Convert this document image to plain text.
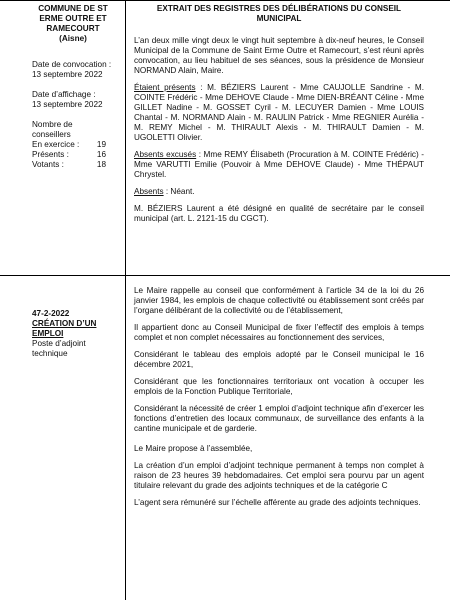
COMMUNE DE ST ERME OUTRE ET RAMECOURT (Aisne)
Date de convocation :
13 septembre 2022
Date d’affichage :
13 septembre 2022
Nombre de conseillers
En exercice :	19
Présents :	16
Votants :	18
47-2-2022
CRÉATION D’UN EMPLOI
Poste d’adjoint technique
EXTRAIT DES REGISTRES DES DÉLIBÉRATIONS DU CONSEIL MUNICIPAL

L’an deux mille vingt deux le vingt huit septembre à dix-neuf heures, le Conseil Municipal de la Commune de Saint Erme Outre et Ramecourt, s’est réuni après convocation, au lieu habituel de ses séances, sous la présidence de Monsieur NORMAND Alain, Maire.

Étaient présents : M. BÉZIERS Laurent - Mme CAUJOLLE Sandrine - M. COINTE Frédéric - Mme DEHOVE Claude - Mme DIEN-BRÉANT Céline - Mme GILLET Nadine - M. GOSSET Cyril - M. LECUYER Damien - Mme LOUIS Chantal - M. NORMAND Alain - M. RAULIN Patrick - Mme REGNIER Aurélia - M. REMY Michel - M. THIRAULT Alexis - M. THIRAULT Damien - M. UGOLETTI Olivier.

Absents excusés : Mme REMY Élisabeth (Procuration à M. COINTE Frédéric) - Mme VARUTTI Emilie (Pouvoir à Mme DEHOVE Claude) - Mme THÉPAUT Chrystel.

Absents : Néant.

M. BÉZIERS Laurent a été désigné en qualité de secrétaire par le conseil municipal (art. L. 2121-15 du CGCT).

Le Maire rappelle au conseil que conformément à l’article 34 de la loi du 26 janvier 1984, les emplois de chaque collectivité ou établissement sont créés par l’organe délibérant de la collectivité ou de l’établissement,

Il appartient donc au Conseil Municipal de fixer l’effectif des emplois à temps complet et non complet nécessaires au fonctionnement des services,

Considérant le tableau des emplois adopté par le Conseil municipal le 16 décembre 2021,

Considérant que les fonctionnaires territoriaux ont vocation à occuper les emplois de la Fonction Publique Territoriale,

Considérant la nécessité de créer 1 emploi d’adjoint technique afin d’exercer les fonctions d’entretien des locaux communaux, de surveillance des enfants à la cantine municipale et de garderie.

Le Maire propose à l’assemblée,

La création d’un emploi d’adjoint technique permanent à temps non complet à raison de 23 heures 39 hebdomadaires. Cet emploi sera pourvu par un agent titulaire relevant du grade des adjoints techniques et de la catégorie C

L’agent sera rémunéré sur l’échelle afférente au grade des adjoints techniques.
